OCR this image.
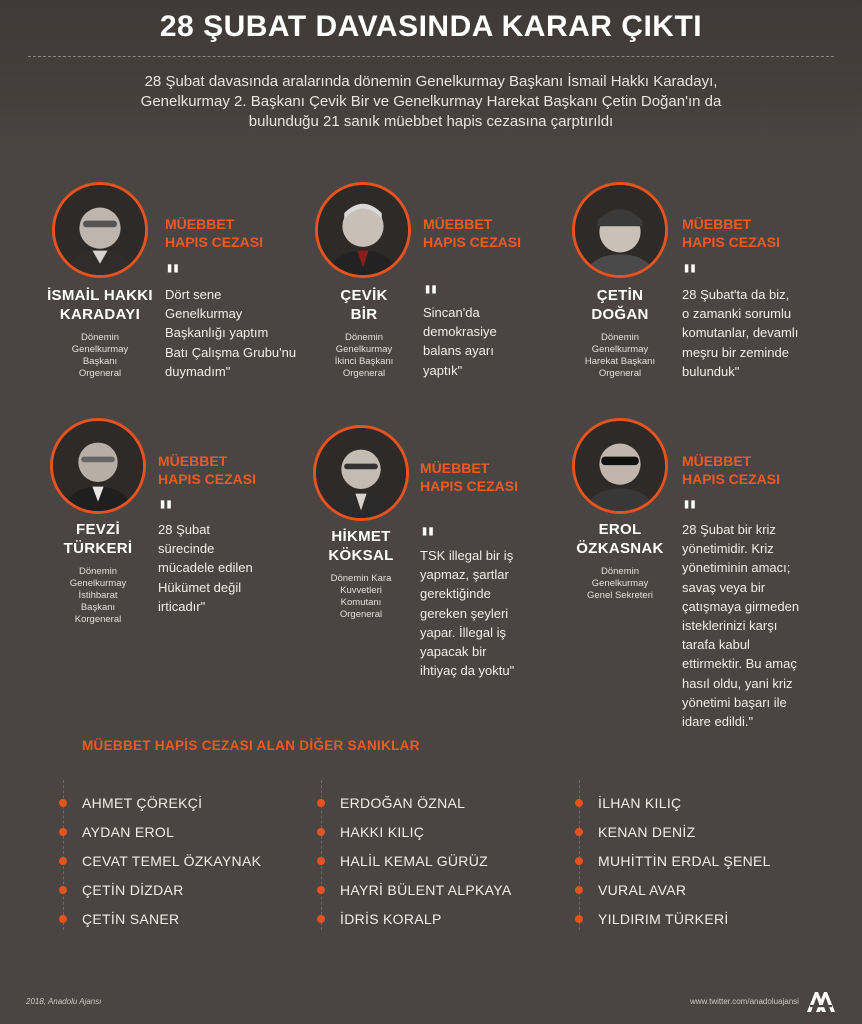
28 ŞUBAT DAVASINDA KARAR ÇIKTI
28 Şubat davasında aralarında dönemin Genelkurmay Başkanı İsmail Hakkı Karadayı,
Genelkurmay 2. Başkanı Çevik Bir ve Genelkurmay Harekat Başkanı Çetin Doğan'ın da
bulunduğu 21 sanık müebbet hapis cezasına çarptırıldı
İSMAİL HAKKI
KARADAYI
Dönemin
Genelkurmay
Başkanı
Orgeneral
MÜEBBET
HAPIS CEZASI
"
Dört sene
Genelkurmay
Başkanlığı yaptım
Batı Çalışma Grubu'nu
duymadım"
ÇEVİK
BİR
Dönemin
Genelkurmay
İkinci Başkanı
Orgeneral
MÜEBBET
HAPIS CEZASI
"
Sincan'da
demokrasiye
balans ayarı
yaptık"
ÇETİN
DOĞAN
Dönemin
Genelkurmay
Harekat Başkanı
Orgeneral
MÜEBBET
HAPIS CEZASI
"
28 Şubat'ta da biz,
o zamanki sorumlu
komutanlar, devamlı
meşru bir zeminde
bulunduk"
FEVZİ
TÜRKERİ
Dönemin
Genelkurmay
İstihbarat
Başkanı
Korgeneral
MÜEBBET
HAPIS CEZASI
"
28 Şubat
sürecinde
mücadele edilen
Hükümet değil
irticadır"
HİKMET
KÖKSAL
Dönemin Kara
Kuvvetleri
Komutanı
Orgeneral
MÜEBBET
HAPIS CEZASI
"
TSK illegal bir iş
yapmaz, şartlar
gerektiğinde
gereken şeyleri
yapar. İllegal iş
yapacak bir
ihtiyaç da yoktu"
EROL
ÖZKASNAK
Dönemin
Genelkurmay
Genel Sekreteri
MÜEBBET
HAPIS CEZASI
"
28 Şubat bir kriz
yönetimidir. Kriz
yönetiminin amacı;
savaş veya bir
çatışmaya girmeden
isteklerinizi karşı
tarafa kabul
ettirmektir. Bu amaç
hasıl oldu, yani kriz
yönetimi başarı ile
idare edildi."
MÜEBBET HAPİS CEZASI ALAN DİĞER SANIKLAR
AHMET ÇÖREKÇİ
AYDAN EROL
CEVAT TEMEL ÖZKAYNAK
ÇETİN DİZDAR
ÇETİN SANER
ERDOĞAN ÖZNAL
HAKKI KILIÇ
HALİL KEMAL GÜRÜZ
HAYRİ BÜLENT ALPKAYA
İDRİS KORALP
İLHAN KILIÇ
KENAN DENİZ
MUHİTTİN ERDAL ŞENEL
VURAL AVAR
YILDIRIM TÜRKERİ
2018, Anadolu Ajansı	www.twitter.com/anadoluajansi
